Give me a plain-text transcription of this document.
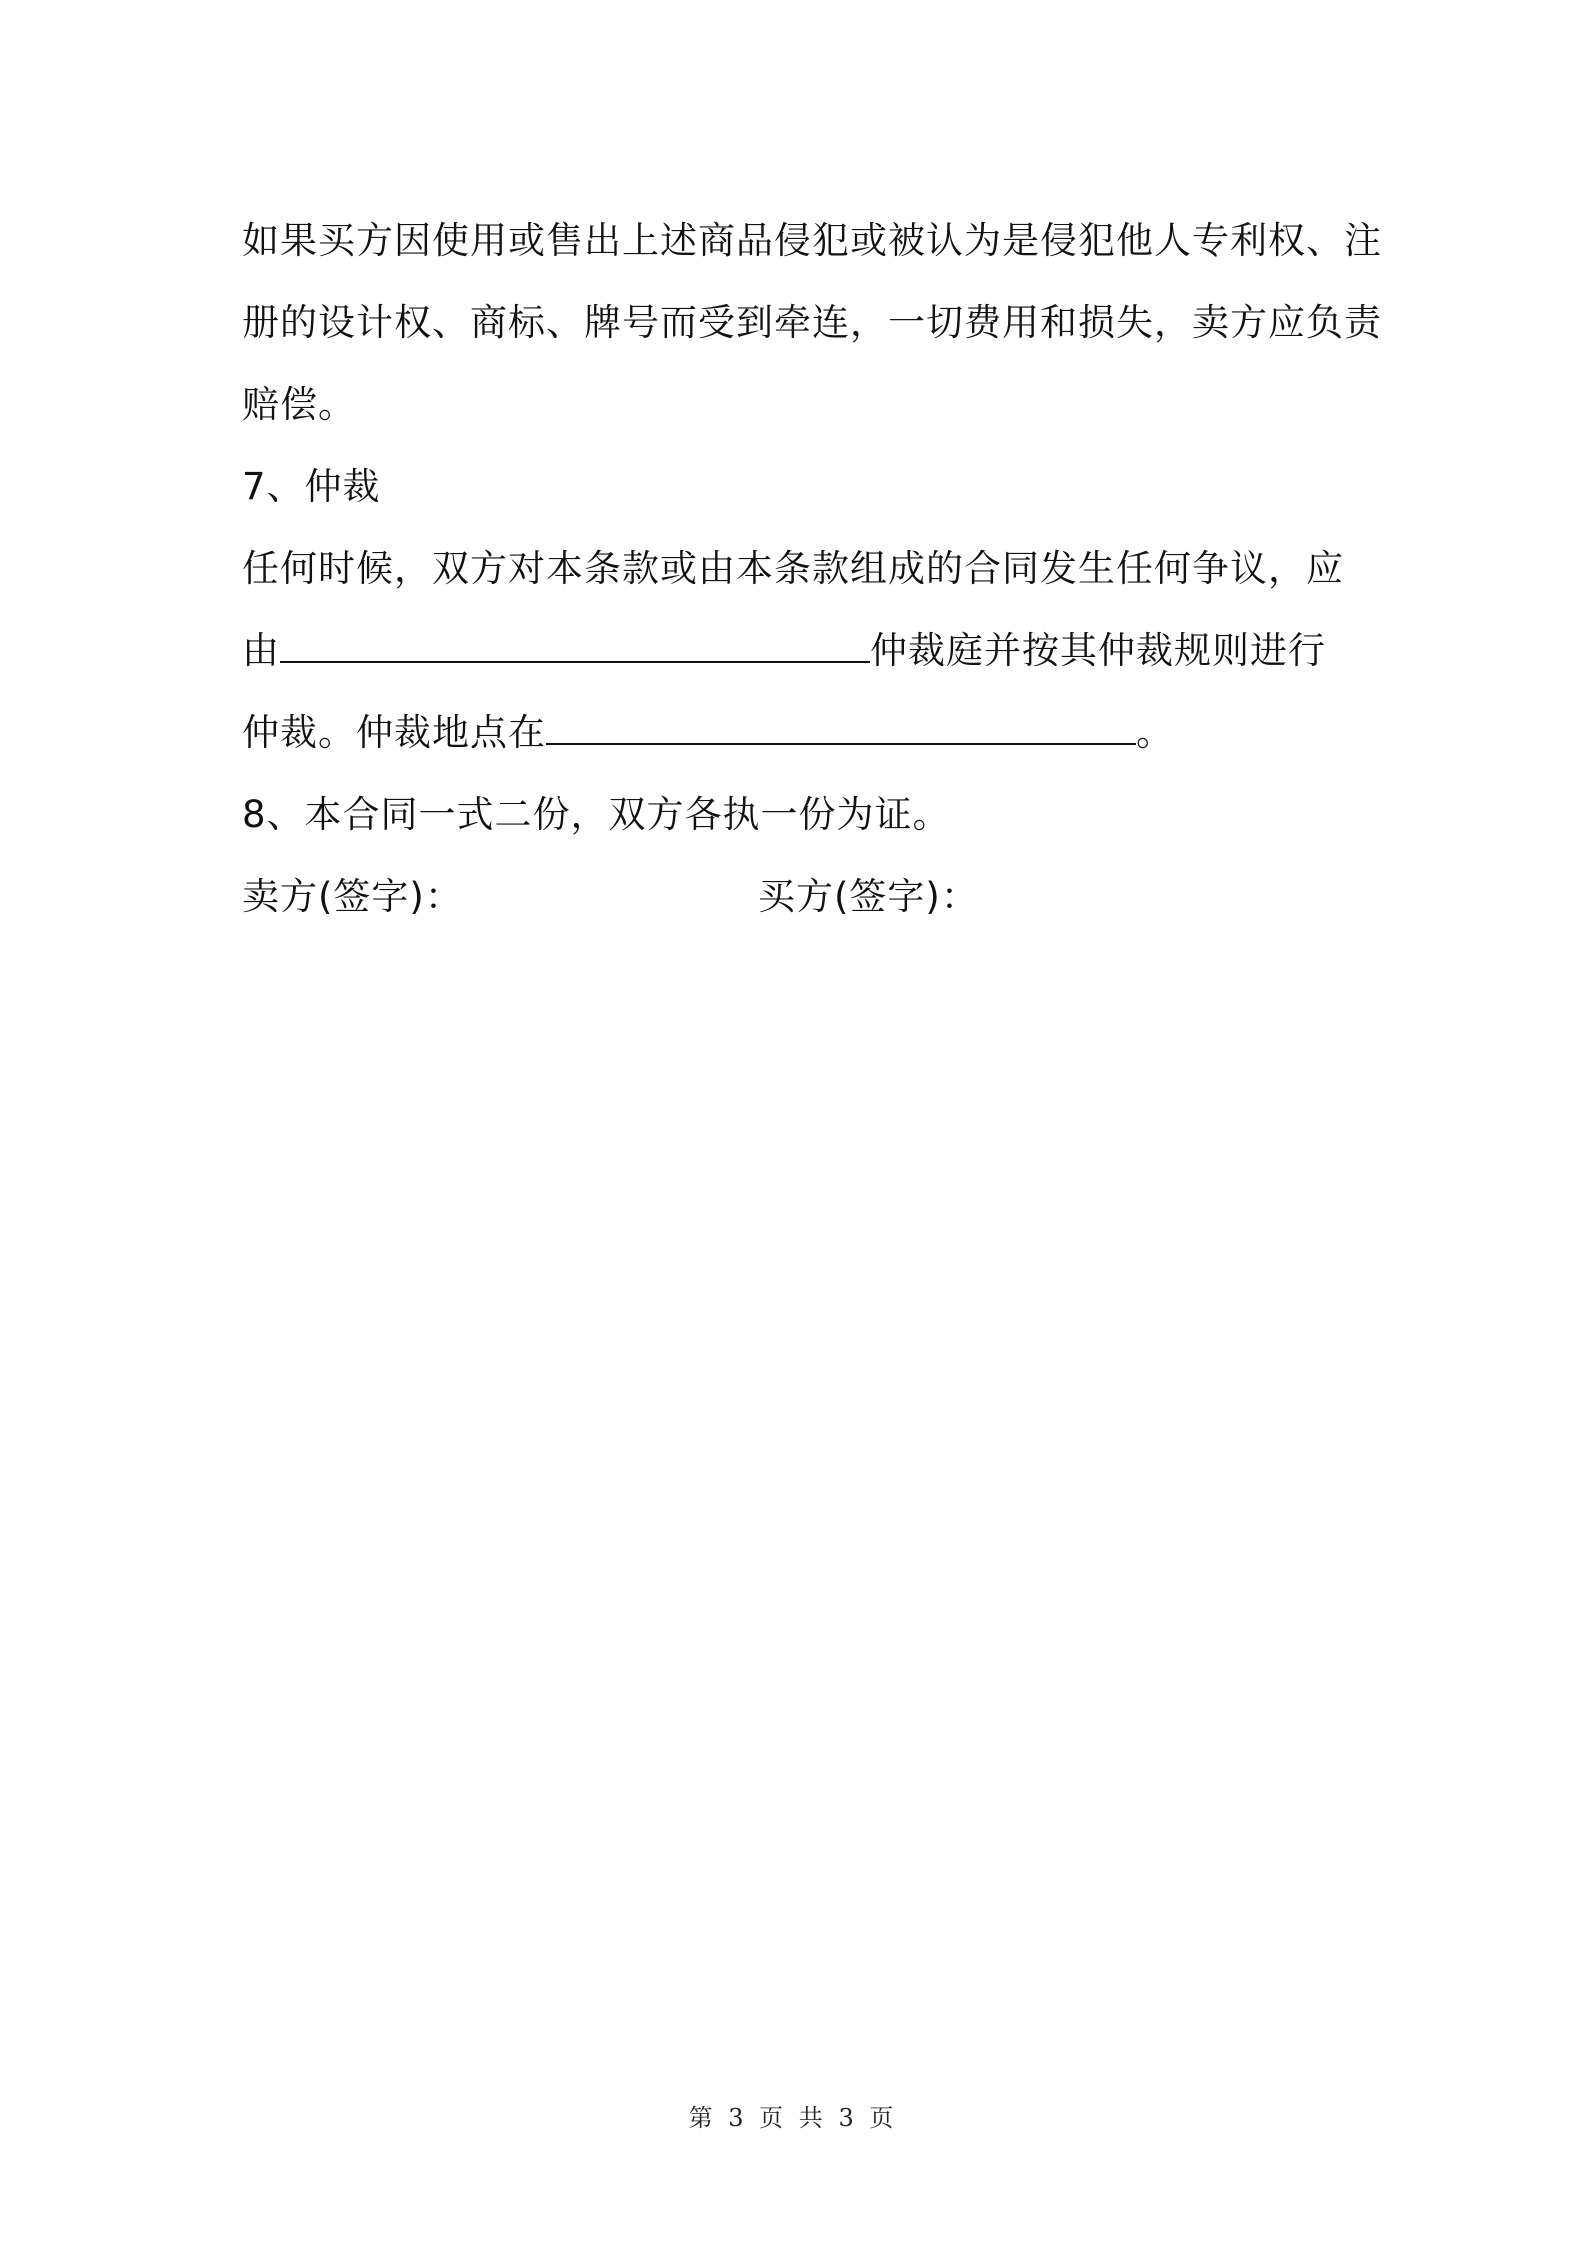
如果买方因使用或售出上述商品侵犯或被认为是侵犯他人专利权、注
册的设计权、商标、牌号而受到牵连，一切费用和损失，卖方应负责
赔偿。
7、仲裁
任何时候，双方对本条款或由本条款组成的合同发生任何争议，应
由	仲裁庭并按其仲裁规则进行
仲裁。仲裁地点在	。
8、本合同一式二份，双方各执一份为证。
卖方(签字)：	买方(签字)：
第 3 页 共 3 页
